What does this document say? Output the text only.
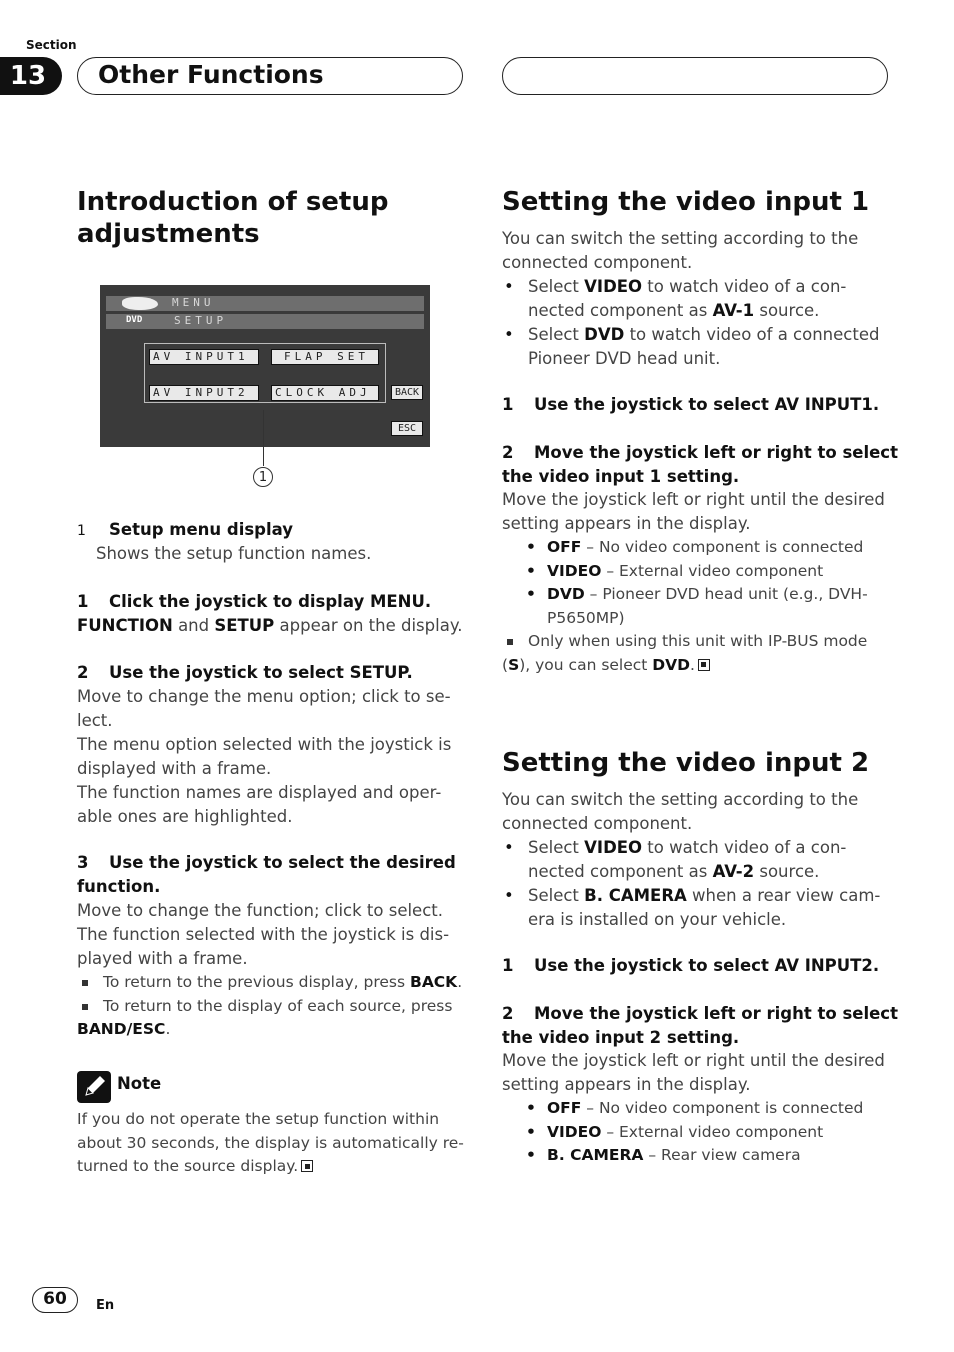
Section
13	Other Functions
Introduction of setup
adjustments
MENU
DVD	SETUP
AV INPUT1	FLAP SET
AV INPUT2	CLOCK ADJ	BACK
ESC
1
1 Setup menu display
Shows the setup function names.
1 Click the joystick to display MENU.
FUNCTION and SETUP appear on the display.
2 Use the joystick to select SETUP.
Move to change the menu option; click to se-
lect.
The menu option selected with the joystick is
displayed with a frame.
The function names are displayed and oper-
able ones are highlighted.
3 Use the joystick to select the desired
function.
Move to change the function; click to select.
The function selected with the joystick is dis-
played with a frame.
To return to the previous display, press BACK.
To return to the display of each source, press
BAND/ESC.
Note
If you do not operate the setup function within
about 30 seconds, the display is automatically re-
turned to the source display.
Setting the video input 1
You can switch the setting according to the
connected component.
• Select VIDEO to watch video of a con-
nected component as AV-1 source.
• Select DVD to watch video of a connected
Pioneer DVD head unit.
1 Use the joystick to select AV INPUT1.
2 Move the joystick left or right to select
the video input 1 setting.
Move the joystick left or right until the desired
setting appears in the display.
• OFF – No video component is connected
• VIDEO – External video component
• DVD – Pioneer DVD head unit (e.g., DVH-
P5650MP)
Only when using this unit with IP-BUS mode
(S), you can select DVD.
Setting the video input 2
You can switch the setting according to the
connected component.
• Select VIDEO to watch video of a con-
nected component as AV-2 source.
• Select B. CAMERA when a rear view cam-
era is installed on your vehicle.
1 Use the joystick to select AV INPUT2.
2 Move the joystick left or right to select
the video input 2 setting.
Move the joystick left or right until the desired
setting appears in the display.
• OFF – No video component is connected
• VIDEO – External video component
• B. CAMERA – Rear view camera
60	En
